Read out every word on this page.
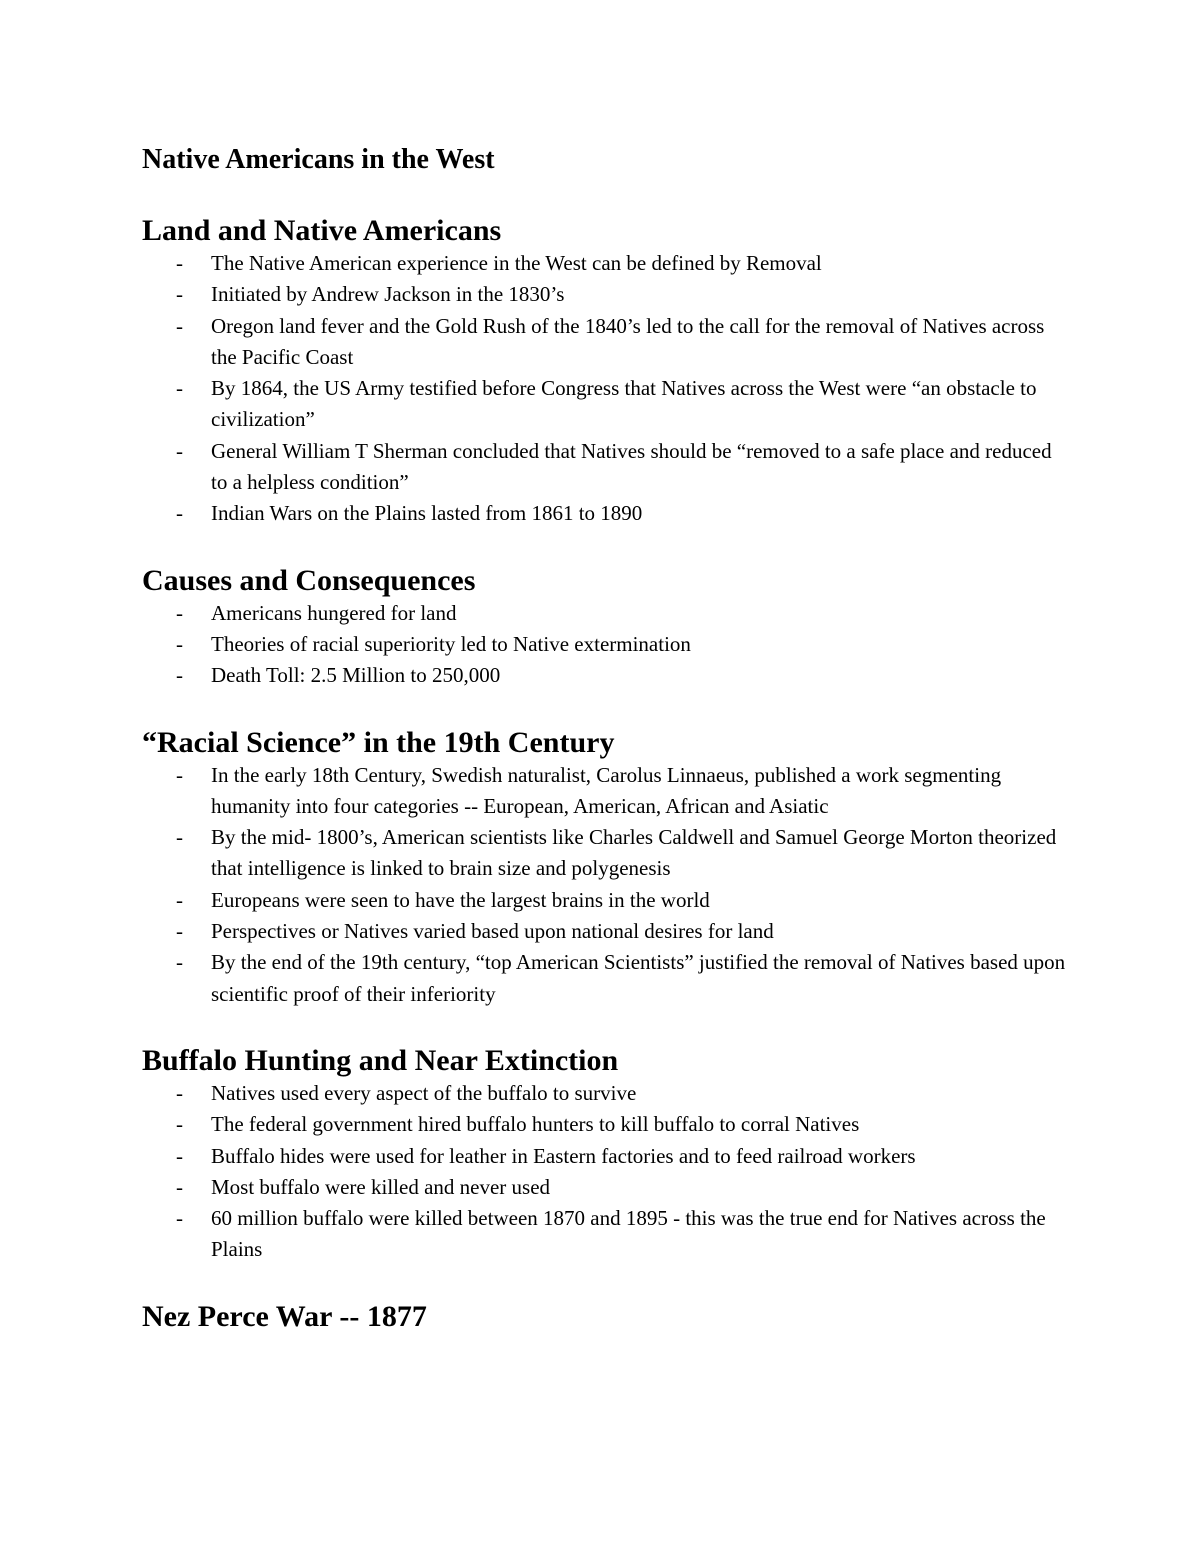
Native Americans in the West
Land and Native Americans
- The Native American experience in the West can be defined by Removal
- Initiated by Andrew Jackson in the 1830’s
- Oregon land fever and the Gold Rush of the 1840’s led to the call for the removal of Natives across the Pacific Coast
- By 1864, the US Army testified before Congress that Natives across the West were “an obstacle to civilization”
- General William T Sherman concluded that Natives should be “removed to a safe place and reduced to a helpless condition”
- Indian Wars on the Plains lasted from 1861 to 1890
Causes and Consequences
- Americans hungered for land
- Theories of racial superiority led to Native extermination
- Death Toll: 2.5 Million to 250,000
“Racial Science” in the 19th Century
- In the early 18th Century, Swedish naturalist, Carolus Linnaeus, published a work segmenting humanity into four categories -- European, American, African and Asiatic
- By the mid- 1800’s, American scientists like Charles Caldwell and Samuel George Morton theorized that intelligence is linked to brain size and polygenesis
- Europeans were seen to have the largest brains in the world
- Perspectives or Natives varied based upon national desires for land
- By the end of the 19th century, “top American Scientists” justified the removal of Natives based upon scientific proof of their inferiority
Buffalo Hunting and Near Extinction
- Natives used every aspect of the buffalo to survive
- The federal government hired buffalo hunters to kill buffalo to corral Natives
- Buffalo hides were used for leather in Eastern factories and to feed railroad workers
- Most buffalo were killed and never used
- 60 million buffalo were killed between 1870 and 1895 - this was the true end for Natives across the Plains
Nez Perce War -- 1877
